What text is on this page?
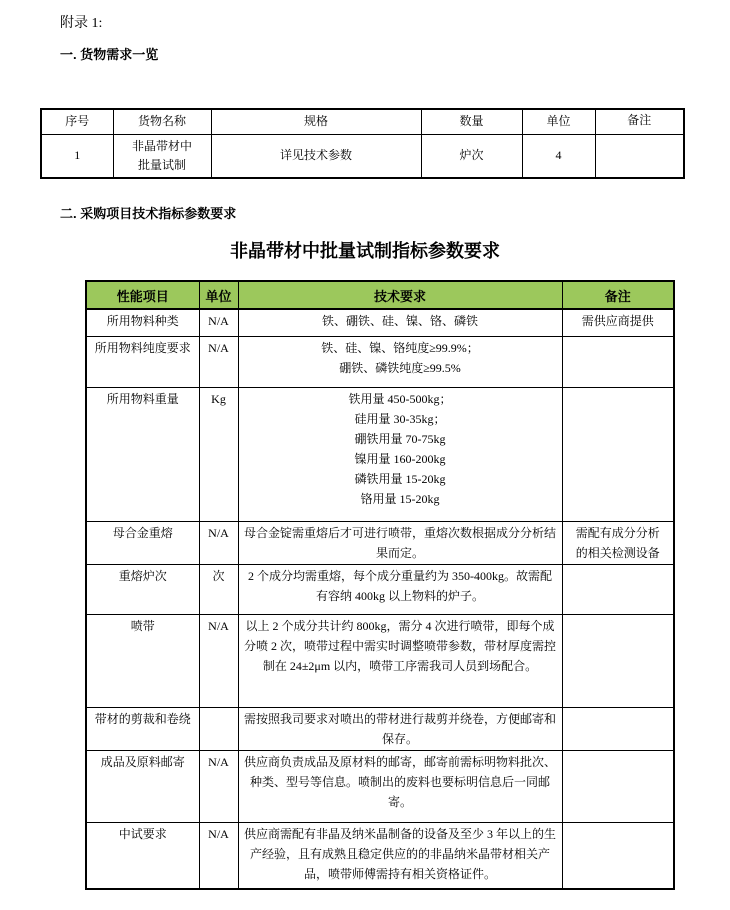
附录 1:
一. 货物需求一览
序号	货物名称	规格	数量	单位	备注
1	非晶带材中批量试制	详见技术参数	炉次	4	
二. 采购项目技术指标参数要求
非晶带材中批量试制指标参数要求
性能项目	单位	技术要求	备注
所用物料种类	N/A	铁、硼铁、硅、镍、铬、磷铁	需供应商提供
所用物料纯度要求	N/A	铁、硅、镍、铬纯度≥99.9%；
硼铁、磷铁纯度≥99.5%	

所用物料重量	Kg	铁用量 450-500kg；
硅用量 30-35kg；
硼铁用量 70-75kg
镍用量 160-200kg
磷铁用量 15-20kg
铬用量 15-20kg

母合金重熔	N/A	母合金锭需重熔后才可进行喷带，重熔次数根据成分分析结果而定。	需配有成分分析的相关检测设备
重熔炉次	次	2 个成分均需重熔，每个成分重量约为 350-400kg。故需配有容纳 400kg 以上物料的炉子。	

喷带	N/A	以上 2 个成分共计约 800kg，需分 4 次进行喷带，即每个成分喷 2 次，喷带过程中需实时调整喷带参数，带材厚度需控制在 24±2μm 以内，喷带工序需我司人员到场配合。	

带材的剪裁和卷绕		需按照我司要求对喷出的带材进行裁剪并绕卷，方便邮寄和保存。	

成品及原料邮寄	N/A	供应商负责成品及原材料的邮寄，邮寄前需标明物料批次、种类、型号等信息。喷制出的废料也要标明信息后一同邮寄。	

中试要求	N/A	供应商需配有非晶及纳米晶制备的设备及至少 3 年以上的生产经验，且有成熟且稳定供应的的非晶纳米晶带材相关产品，喷带师傅需持有相关资格证件。	
